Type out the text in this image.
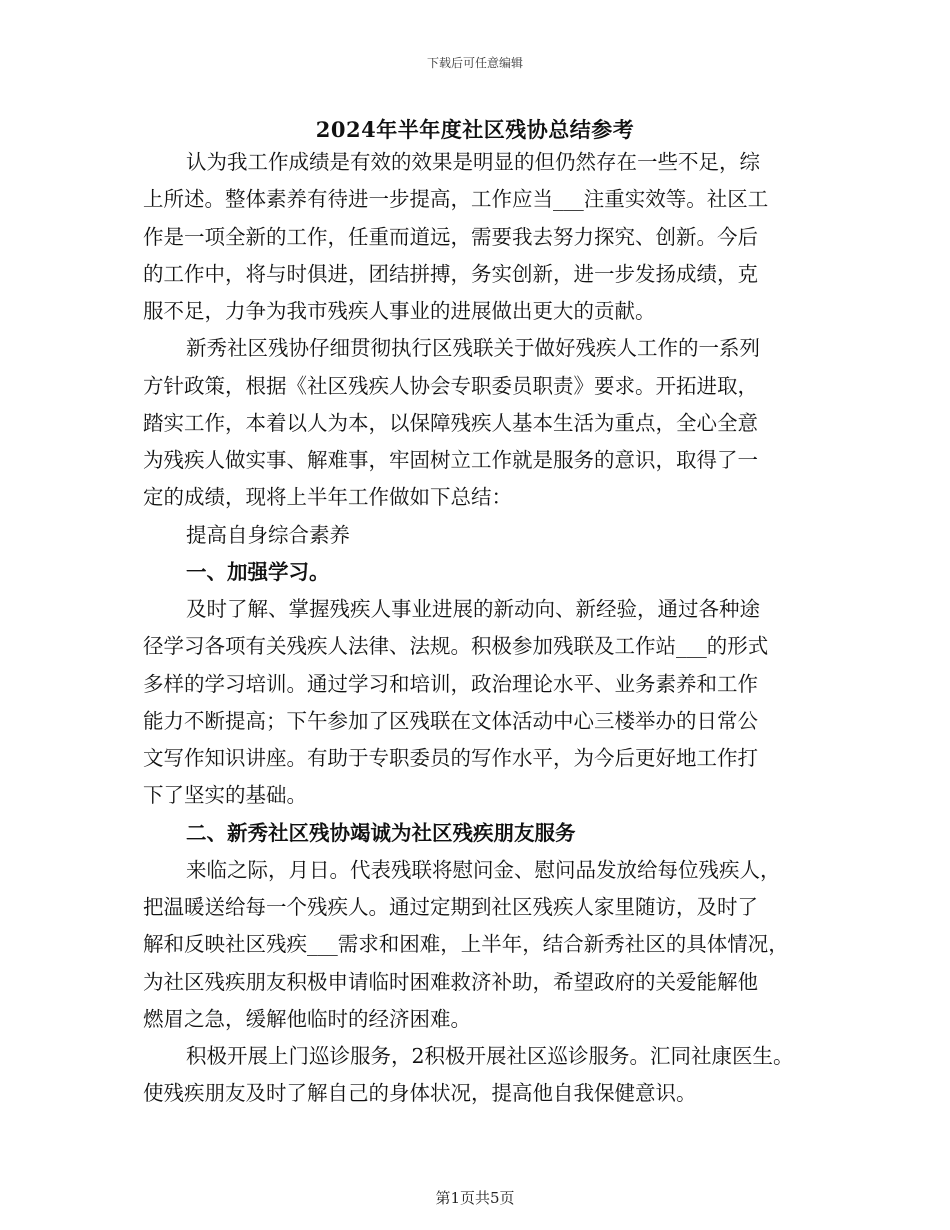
下载后可任意编辑
2024年半年度社区残协总结参考
认为我工作成绩是有效的效果是明显的但仍然存在一些不足，综
上所述。整体素养有待进一步提高，工作应当___注重实效等。社区工
作是一项全新的工作，任重而道远，需要我去努力探究、创新。今后
的工作中，将与时俱进，团结拼搏，务实创新，进一步发扬成绩，克
服不足，力争为我市残疾人事业的进展做出更大的贡献。
新秀社区残协仔细贯彻执行区残联关于做好残疾人工作的一系列
方针政策，根据《社区残疾人协会专职委员职责》要求。开拓进取，
踏实工作，本着以人为本，以保障残疾人基本生活为重点，全心全意
为残疾人做实事、解难事，牢固树立工作就是服务的意识，取得了一
定的成绩，现将上半年工作做如下总结：
提高自身综合素养
一、加强学习。
及时了解、掌握残疾人事业进展的新动向、新经验，通过各种途
径学习各项有关残疾人法律、法规。积极参加残联及工作站___的形式
多样的学习培训。通过学习和培训，政治理论水平、业务素养和工作
能力不断提高；下午参加了区残联在文体活动中心三楼举办的日常公
文写作知识讲座。有助于专职委员的写作水平，为今后更好地工作打
下了坚实的基础。
二、新秀社区残协竭诚为社区残疾朋友服务
来临之际，月日。代表残联将慰问金、慰问品发放给每位残疾人，
把温暖送给每一个残疾人。通过定期到社区残疾人家里随访，及时了
解和反映社区残疾___需求和困难，上半年，结合新秀社区的具体情况，
为社区残疾朋友积极申请临时困难救济补助，希望政府的关爱能解他
燃眉之急，缓解他临时的经济困难。
积极开展上门巡诊服务，2积极开展社区巡诊服务。汇同社康医生。
使残疾朋友及时了解自己的身体状况，提高他自我保健意识。
第1页共5页
